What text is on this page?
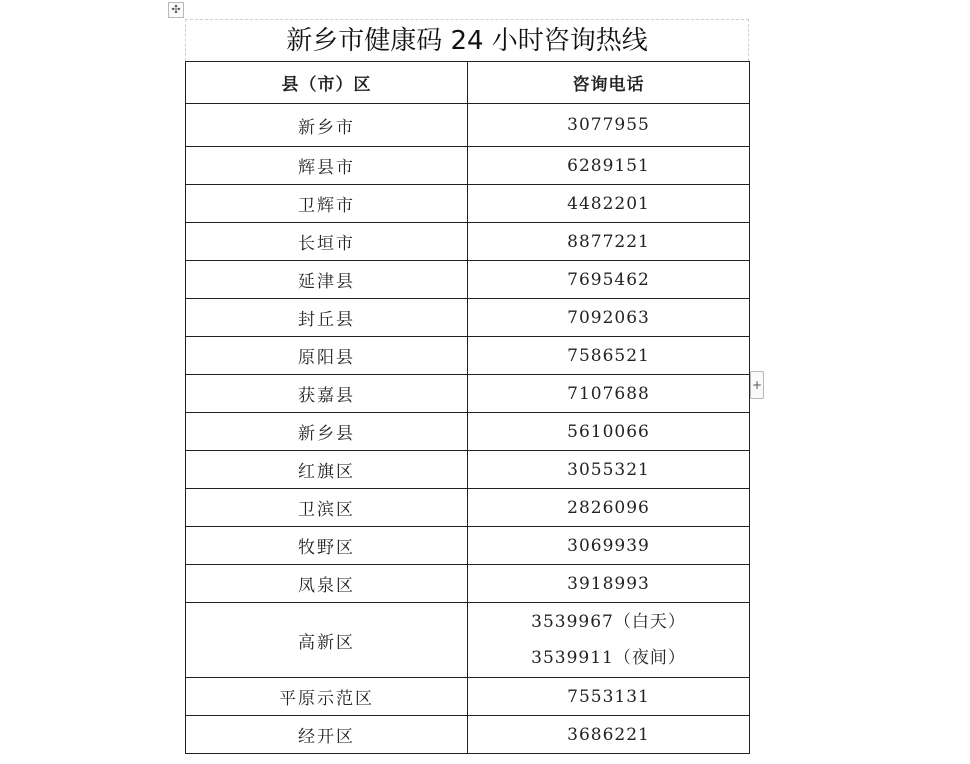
✣
新乡市健康码 24 小时咨询热线
县（市）区	咨询电话
新乡市	3077955
辉县市	6289151
卫辉市	4482201
长垣市	8877221
延津县	7695462
封丘县	7092063
原阳县	7586521
获嘉县	7107688
新乡县	5610066
红旗区	3055321
卫滨区	2826096
牧野区	3069939
凤泉区	3918993
高新区	3539967（白天）
3539911（夜间）

平原示范区	7553131
经开区	3686221
+
